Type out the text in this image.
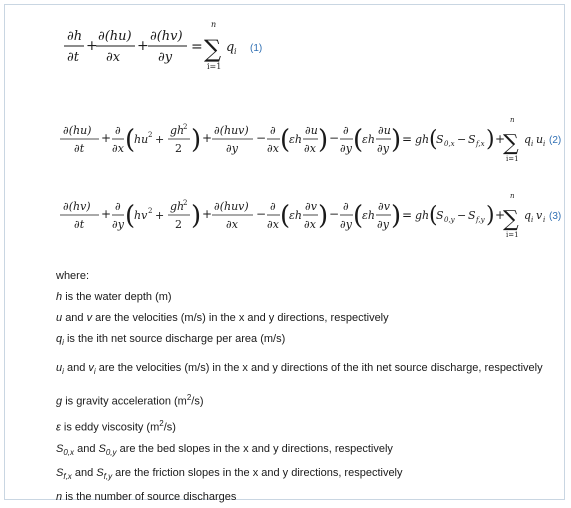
∂h
∂t
+
∂(hu)
∂x
+
∂(hv)
∂y
=
n
∑
i=1
q i (1)
∂(hu)
∂t
+
∂
∂x (
hu 2 +
gh
2
2 ) +
∂(huv)
∂y
−
∂
∂x (
εh
∂u
∂x ) −
∂
∂y (
εh
∂u
∂y ) = gh (
S 0,x − S f,x ) +
n
∑
i=1
q i u i (2)
∂(hv)
∂t
+
∂
∂y (
hv 2 +
gh
2
2 ) +
∂(huv)
∂x
−
∂
∂x (
εh
∂v
∂x ) −
∂
∂y (
εh
∂v
∂y ) = gh (
S 0,y − S f,y ) +
n
∑
i=1
q i v i (3)
where:
h is the water depth (m)
u and v are the velocities (m/s) in the x and y directions, respectively
$q_i$ is the ith net source discharge per area (m/s)
$u_i$ and $v_i$ are the velocities (m/s) in the x and y directions of the ith net source discharge, respectively
g is gravity acceleration $(m^2/s)$
ε is eddy viscosity $(m^2/s)$
$S_{0,x}$ and $S_{0,y}$ are the bed slopes in the x and y directions, respectively
$S_{f,x}$ and $S_{f,y}$ are the friction slopes in the x and y directions, respectively
n is the number of source discharges
